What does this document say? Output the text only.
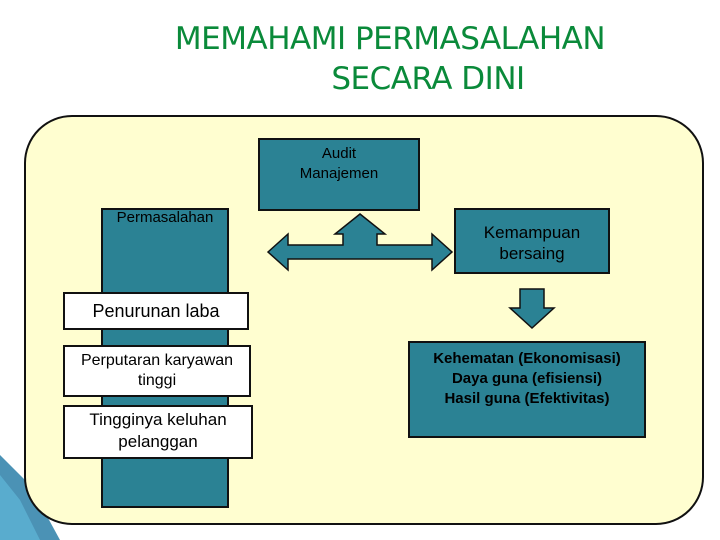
MEMAHAMI PERMASALAHAN
SECARA DINI
Permasalahan
Audit
Manajemen
Kemampuan
bersaing
Penurunan laba
Perputaran karyawan
tinggi
Tingginya keluhan
pelanggan
Kehematan (Ekonomisasi)
Daya guna (efisiensi)
Hasil guna (Efektivitas)
